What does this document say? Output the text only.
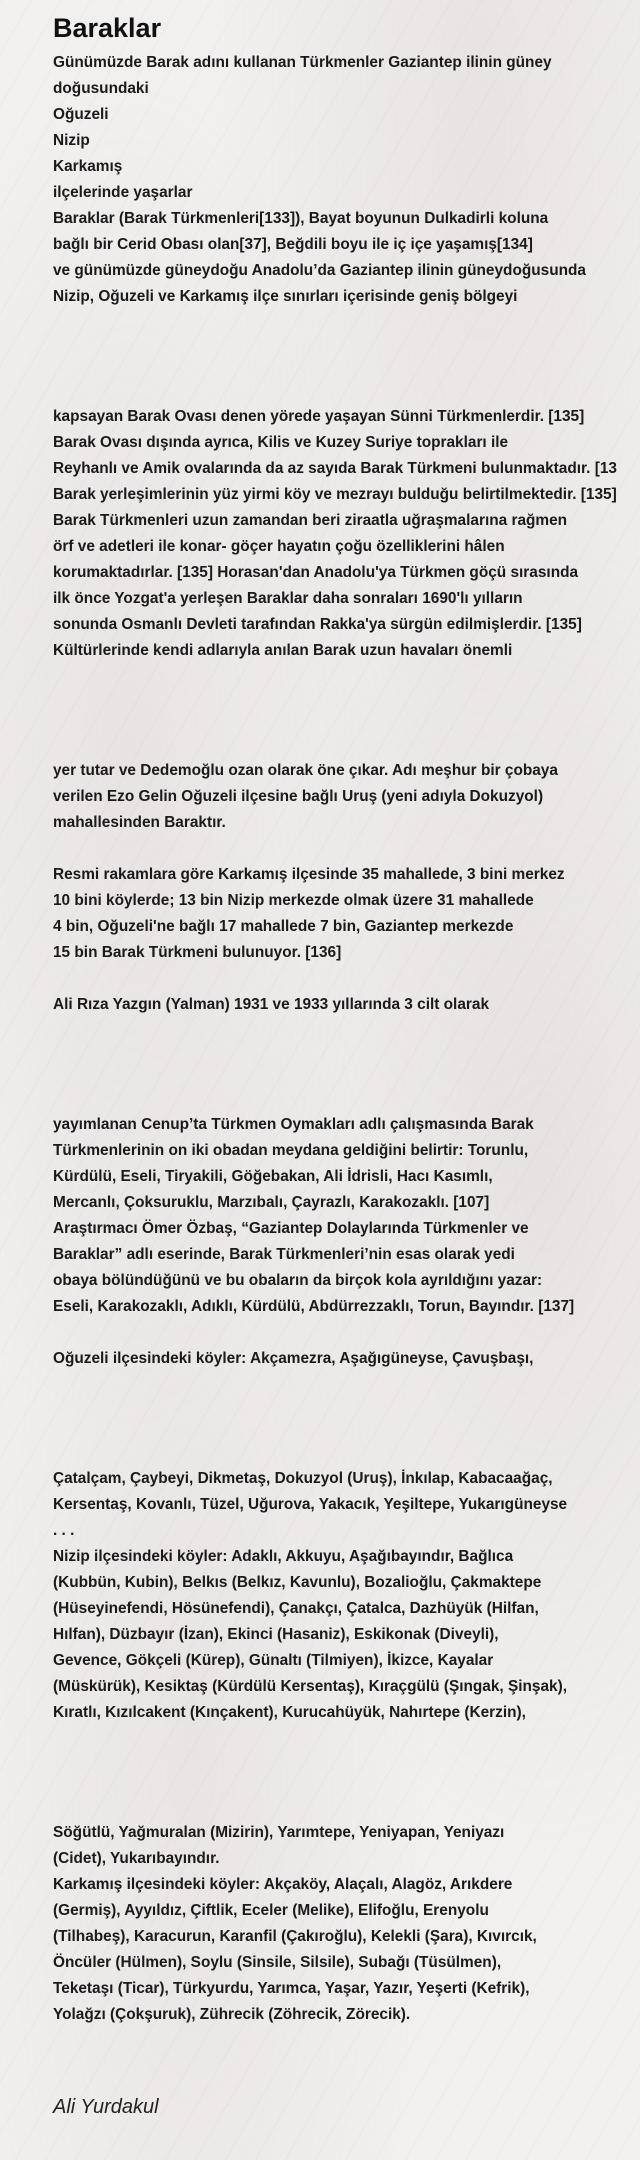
Baraklar
Günümüzde Barak adını kullanan Türkmenler Gaziantep ilinin güney
doğusundaki
Oğuzeli
Nizip
Karkamış
ilçelerinde yaşarlar
Baraklar (Barak Türkmenleri[133]), Bayat boyunun Dulkadirli koluna
bağlı bir Cerid Obası olan[37], Beğdili boyu ile iç içe yaşamış[134]
ve günümüzde güneydoğu Anadolu’da Gaziantep ilinin güneydoğusunda
Nizip, Oğuzeli ve Karkamış ilçe sınırları içerisinde geniş bölgeyi
kapsayan Barak Ovası denen yörede yaşayan Sünni Türkmenlerdir. [135]
Barak Ovası dışında ayrıca, Kilis ve Kuzey Suriye toprakları ile
Reyhanlı ve Amik ovalarında da az sayıda Barak Türkmeni bulunmaktadır. [13
Barak yerleşimlerinin yüz yirmi köy ve mezrayı bulduğu belirtilmektedir. [135]
Barak Türkmenleri uzun zamandan beri ziraatla uğraşmalarına rağmen
örf ve adetleri ile konar- göçer hayatın çoğu özelliklerini hâlen
korumaktadırlar. [135] Horasan'dan Anadolu'ya Türkmen göçü sırasında
ilk önce Yozgat'a yerleşen Baraklar daha sonraları 1690'lı yılların
sonunda Osmanlı Devleti tarafından Rakka'ya sürgün edilmişlerdir. [135]
Kültürlerinde kendi adlarıyla anılan Barak uzun havaları önemli
yer tutar ve Dedemoğlu ozan olarak öne çıkar. Adı meşhur bir çobaya
verilen Ezo Gelin Oğuzeli ilçesine bağlı Uruş (yeni adıyla Dokuzyol)
mahallesinden Baraktır.
Resmi rakamlara göre Karkamış ilçesinde 35 mahallede, 3 bini merkez
10 bini köylerde; 13 bin Nizip merkezde olmak üzere 31 mahallede
4 bin, Oğuzeli'ne bağlı 17 mahallede 7 bin, Gaziantep merkezde
15 bin Barak Türkmeni bulunuyor. [136]
Ali Rıza Yazgın (Yalman) 1931 ve 1933 yıllarında 3 cilt olarak
yayımlanan Cenup’ta Türkmen Oymakları adlı çalışmasında Barak
Türkmenlerinin on iki obadan meydana geldiğini belirtir: Torunlu,
Kürdülü, Eseli, Tiryakili, Göğebakan, Ali İdrisli, Hacı Kasımlı,
Mercanlı, Çoksuruklu, Marzıbalı, Çayrazlı, Karakozaklı. [107]
Araştırmacı Ömer Özbaş, “Gaziantep Dolaylarında Türkmenler ve
Baraklar” adlı eserinde, Barak Türkmenleri’nin esas olarak yedi
obaya bölündüğünü ve bu obaların da birçok kola ayrıldığını yazar:
Eseli, Karakozaklı, Adıklı, Kürdülü, Abdürrezzaklı, Torun, Bayındır. [137]
Oğuzeli ilçesindeki köyler: Akçamezra, Aşağıgüneyse, Çavuşbaşı,
Çatalçam, Çaybeyi, Dikmetaş, Dokuzyol (Uruş), İnkılap, Kabacaağaç,
Kersentaş, Kovanlı, Tüzel, Uğurova, Yakacık, Yeşiltepe, Yukarıgüneyse
. . .
Nizip ilçesindeki köyler: Adaklı, Akkuyu, Aşağıbayındır, Bağlıca
(Kubbün, Kubin), Belkıs (Belkız, Kavunlu), Bozalioğlu, Çakmaktepe
(Hüseyinefendi, Hösünefendi), Çanakçı, Çatalca, Dazhüyük (Hilfan,
Hılfan), Düzbayır (İzan), Ekinci (Hasaniz), Eskikonak (Diveyli),
Gevence, Gökçeli (Kürep), Günaltı (Tilmiyen), İkizce, Kayalar
(Müskürük), Kesiktaş (Kürdülü Kersentaş), Kıraçgülü (Şıngak, Şinşak),
Kıratlı, Kızılcakent (Kınçakent), Kurucahüyük, Nahırtepe (Kerzin),
Söğütlü, Yağmuralan (Mizirin), Yarımtepe, Yeniyapan, Yeniyazı
(Cidet), Yukarıbayındır.
Karkamış ilçesindeki köyler: Akçaköy, Alaçalı, Alagöz, Arıkdere
(Germiş), Ayyıldız, Çiftlik, Eceler (Melike), Elifoğlu, Erenyolu
(Tilhabeş), Karacurun, Karanfil (Çakıroğlu), Kelekli (Şara), Kıvırcık,
Öncüler (Hülmen), Soylu (Sinsile, Silsile), Subağı (Tüsülmen),
Teketaşı (Ticar), Türkyurdu, Yarımca, Yaşar, Yazır, Yeşerti (Kefrik),
Yolağzı (Çokşuruk), Zührecik (Zöhrecik, Zörecik).
Ali Yurdakul
